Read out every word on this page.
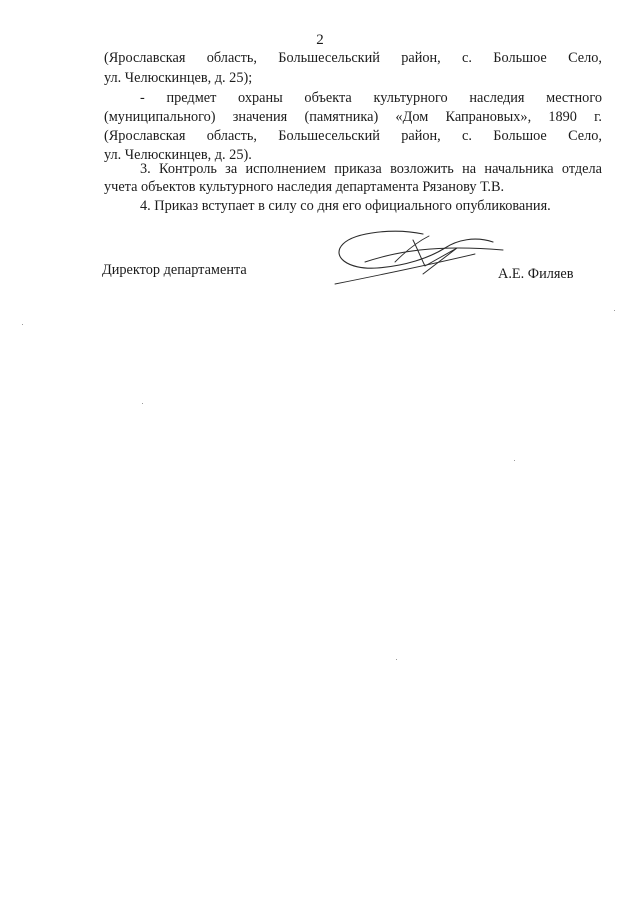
2
(Ярославская область, Большесельский район, с. Большое Село,
ул. Челюскинцев, д. 25);
- предмет охраны объекта культурного наследия местного
(муниципального) значения (памятника) «Дом Капрановых», 1890 г.
(Ярославская область, Большесельский район, с. Большое Село,
ул. Челюскинцев, д. 25).
3. Контроль за исполнением приказа возложить на начальника отдела
учета объектов культурного наследия департамента Рязанову Т.В.
4. Приказ вступает в силу со дня его официального опубликования.
Директор департамента	А.Е. Филяев
